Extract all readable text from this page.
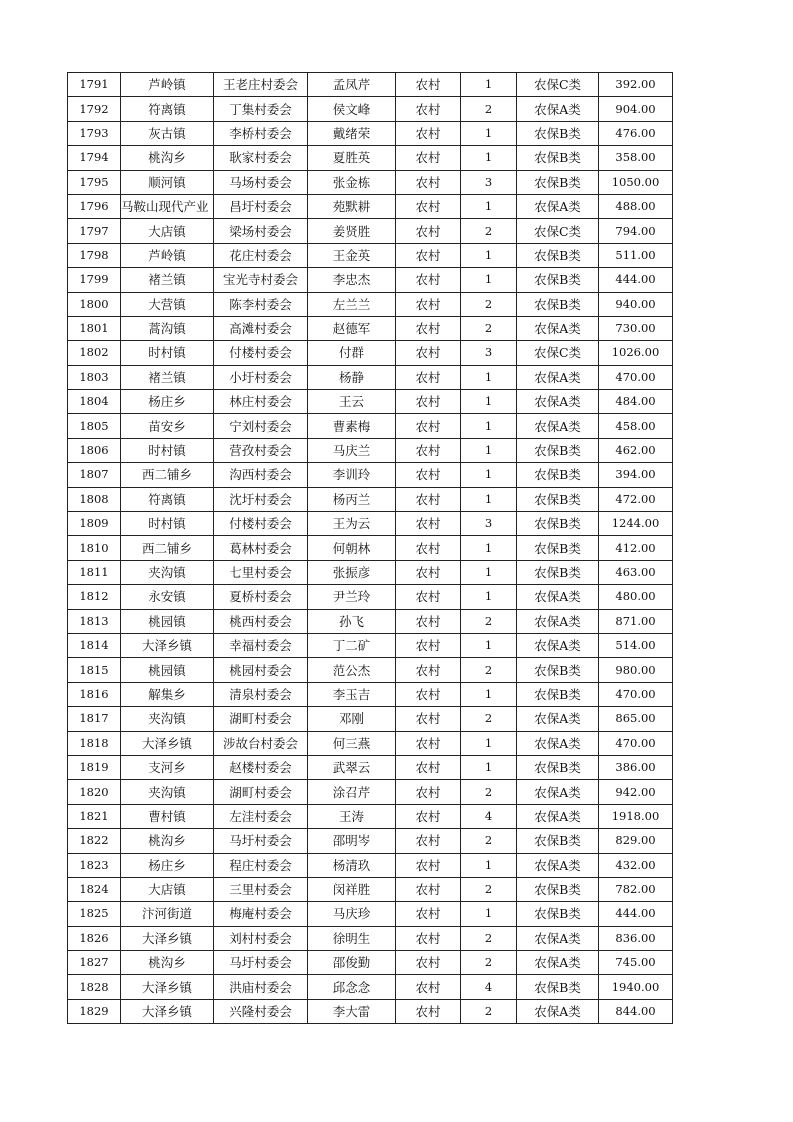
1791	芦岭镇	王老庄村委会	孟凤芹	农村	1	农保C类	392.00
1792	符离镇	丁集村委会	侯文峰	农村	2	农保A类	904.00
1793	灰古镇	李桥村委会	戴绪荣	农村	1	农保B类	476.00
1794	桃沟乡	耿家村委会	夏胜英	农村	1	农保B类	358.00
1795	顺河镇	马场村委会	张金栋	农村	3	农保B类	1050.00
1796	马鞍山现代产业	昌圩村委会	苑默耕	农村	1	农保A类	488.00
1797	大店镇	梁场村委会	姜贤胜	农村	2	农保C类	794.00
1798	芦岭镇	花庄村委会	王金英	农村	1	农保B类	511.00
1799	褚兰镇	宝光寺村委会	李忠杰	农村	1	农保B类	444.00
1800	大营镇	陈李村委会	左兰兰	农村	2	农保B类	940.00
1801	蒿沟镇	高滩村委会	赵德军	农村	2	农保A类	730.00
1802	时村镇	付楼村委会	付群	农村	3	农保C类	1026.00
1803	褚兰镇	小圩村委会	杨静	农村	1	农保A类	470.00
1804	杨庄乡	林庄村委会	王云	农村	1	农保A类	484.00
1805	苗安乡	宁刘村委会	曹素梅	农村	1	农保A类	458.00
1806	时村镇	营孜村委会	马庆兰	农村	1	农保B类	462.00
1807	西二铺乡	沟西村委会	李训玲	农村	1	农保B类	394.00
1808	符离镇	沈圩村委会	杨丙兰	农村	1	农保B类	472.00
1809	时村镇	付楼村委会	王为云	农村	3	农保B类	1244.00
1810	西二铺乡	葛林村委会	何朝林	农村	1	农保B类	412.00
1811	夹沟镇	七里村委会	张振彦	农村	1	农保B类	463.00
1812	永安镇	夏桥村委会	尹兰玲	农村	1	农保A类	480.00
1813	桃园镇	桃西村委会	孙飞	农村	2	农保A类	871.00
1814	大泽乡镇	幸福村委会	丁二矿	农村	1	农保A类	514.00
1815	桃园镇	桃园村委会	范公杰	农村	2	农保B类	980.00
1816	解集乡	清泉村委会	李玉吉	农村	1	农保B类	470.00
1817	夹沟镇	湖町村委会	邓刚	农村	2	农保A类	865.00
1818	大泽乡镇	涉故台村委会	何三燕	农村	1	农保A类	470.00
1819	支河乡	赵楼村委会	武翠云	农村	1	农保B类	386.00
1820	夹沟镇	湖町村委会	涂召芹	农村	2	农保A类	942.00
1821	曹村镇	左洼村委会	王涛	农村	4	农保A类	1918.00
1822	桃沟乡	马圩村委会	邵明岑	农村	2	农保B类	829.00
1823	杨庄乡	程庄村委会	杨清玖	农村	1	农保A类	432.00
1824	大店镇	三里村委会	闵祥胜	农村	2	农保B类	782.00
1825	汴河街道	梅庵村委会	马庆珍	农村	1	农保B类	444.00
1826	大泽乡镇	刘村村委会	徐明生	农村	2	农保A类	836.00
1827	桃沟乡	马圩村委会	邵俊勤	农村	2	农保A类	745.00
1828	大泽乡镇	洪庙村委会	邱念念	农村	4	农保B类	1940.00
1829	大泽乡镇	兴隆村委会	李大雷	农村	2	农保A类	844.00
